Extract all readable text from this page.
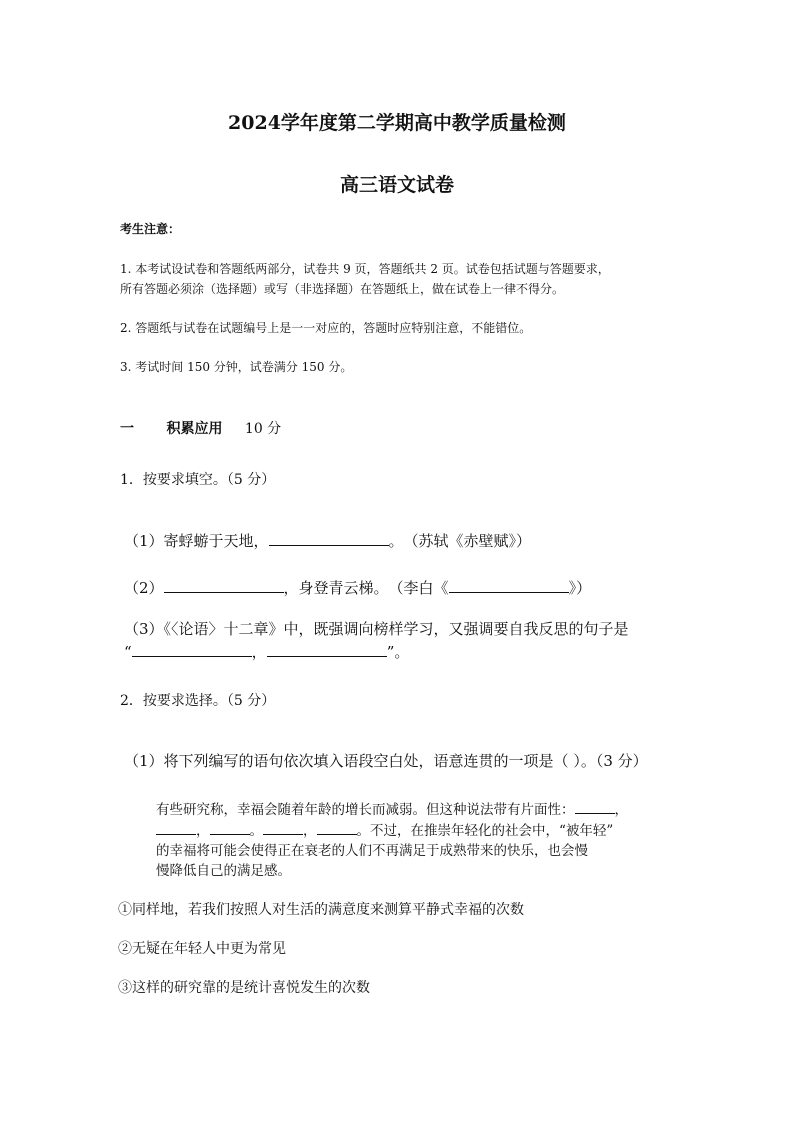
2024学年度第二学期高中教学质量检测
高三语文试卷
考生注意：
1. 本考试设试卷和答题纸两部分，试卷共 9 页，答题纸共 2 页。试卷包括试题与答题要求，
所有答题必须涂（选择题）或写（非选择题）在答题纸上，做在试卷上一律不得分。
2. 答题纸与试卷在试题编号上是一一对应的，答题时应特别注意，不能错位。
3. 考试时间 150 分钟，试卷满分 150 分。
一 积累应用 10 分
1．按要求填空。（5 分）
（1）寄蜉蝣于天地，	。　（苏轼《赤壁赋》）
（2）	，身登青云梯。　（李白《	》）
（3）《〈论语〉十二章》中，既强调向榜样学习，又强调要自我反思的句子是
“	，	”。
2．按要求选择。（5 分）
（1）将下列编写的语句依次填入语段空白处，语意连贯的一项是（ ）。（3 分）
有些研究称，幸福会随着年龄的增长而减弱。但这种说法带有片面性：	，
，	。	，	。不过，在推崇年轻化的社会中，“被年轻”
的幸福将可能会使得正在衰老的人们不再满足于成熟带来的快乐，也会慢
慢降低自己的满足感。
①同样地，若我们按照人对生活的满意度来测算平静式幸福的次数
②无疑在年轻人中更为常见
③这样的研究靠的是统计喜悦发生的次数
